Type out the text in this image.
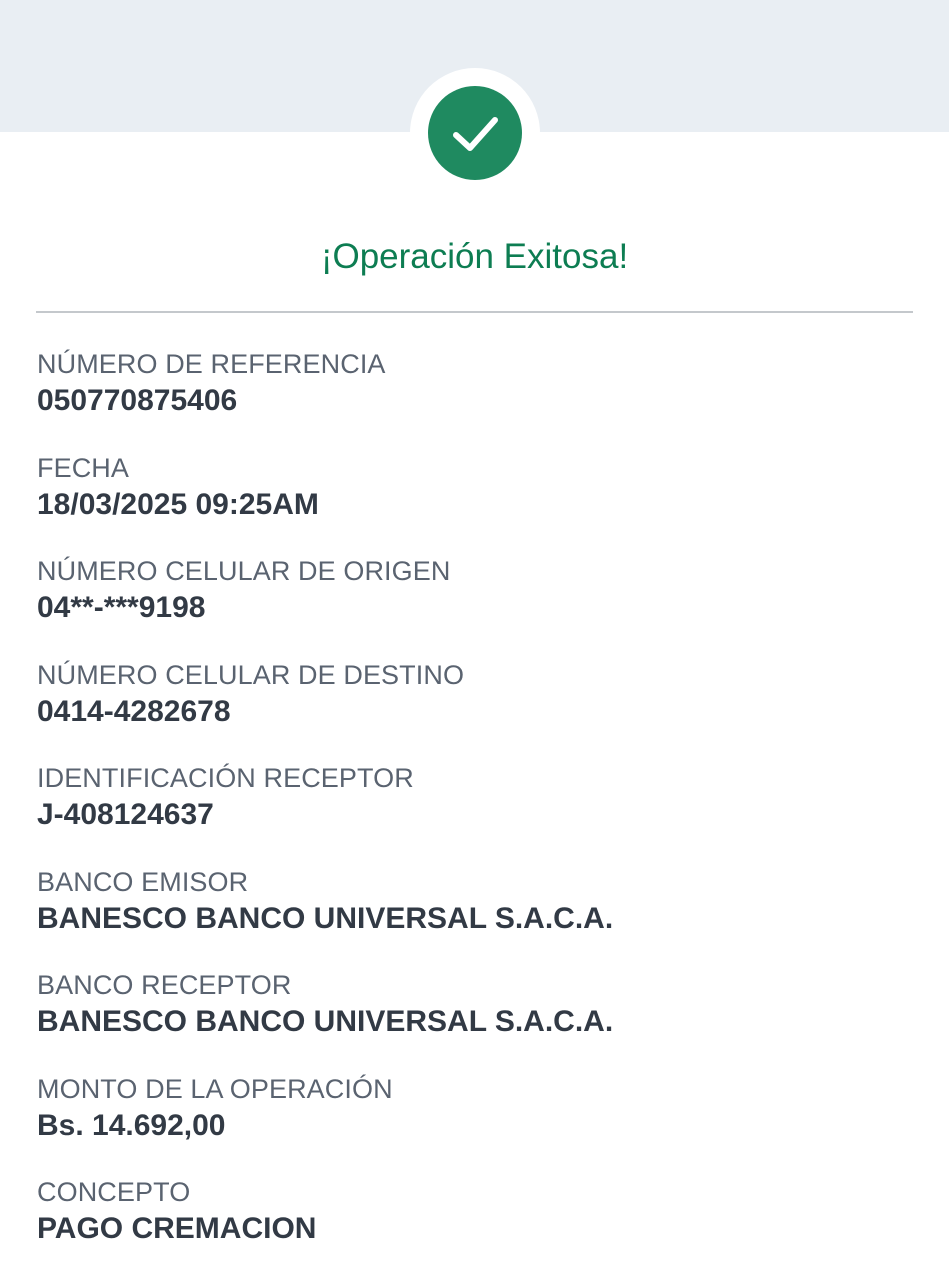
¡Operación Exitosa!
NÚMERO DE REFERENCIA
050770875406
FECHA
18/03/2025 09:25AM
NÚMERO CELULAR DE ORIGEN
04**-***9198
NÚMERO CELULAR DE DESTINO
0414-4282678
IDENTIFICACIÓN RECEPTOR
J-408124637
BANCO EMISOR
BANESCO BANCO UNIVERSAL S.A.C.A.
BANCO RECEPTOR
BANESCO BANCO UNIVERSAL S.A.C.A.
MONTO DE LA OPERACIÓN
Bs. 14.692,00
CONCEPTO
PAGO CREMACION
